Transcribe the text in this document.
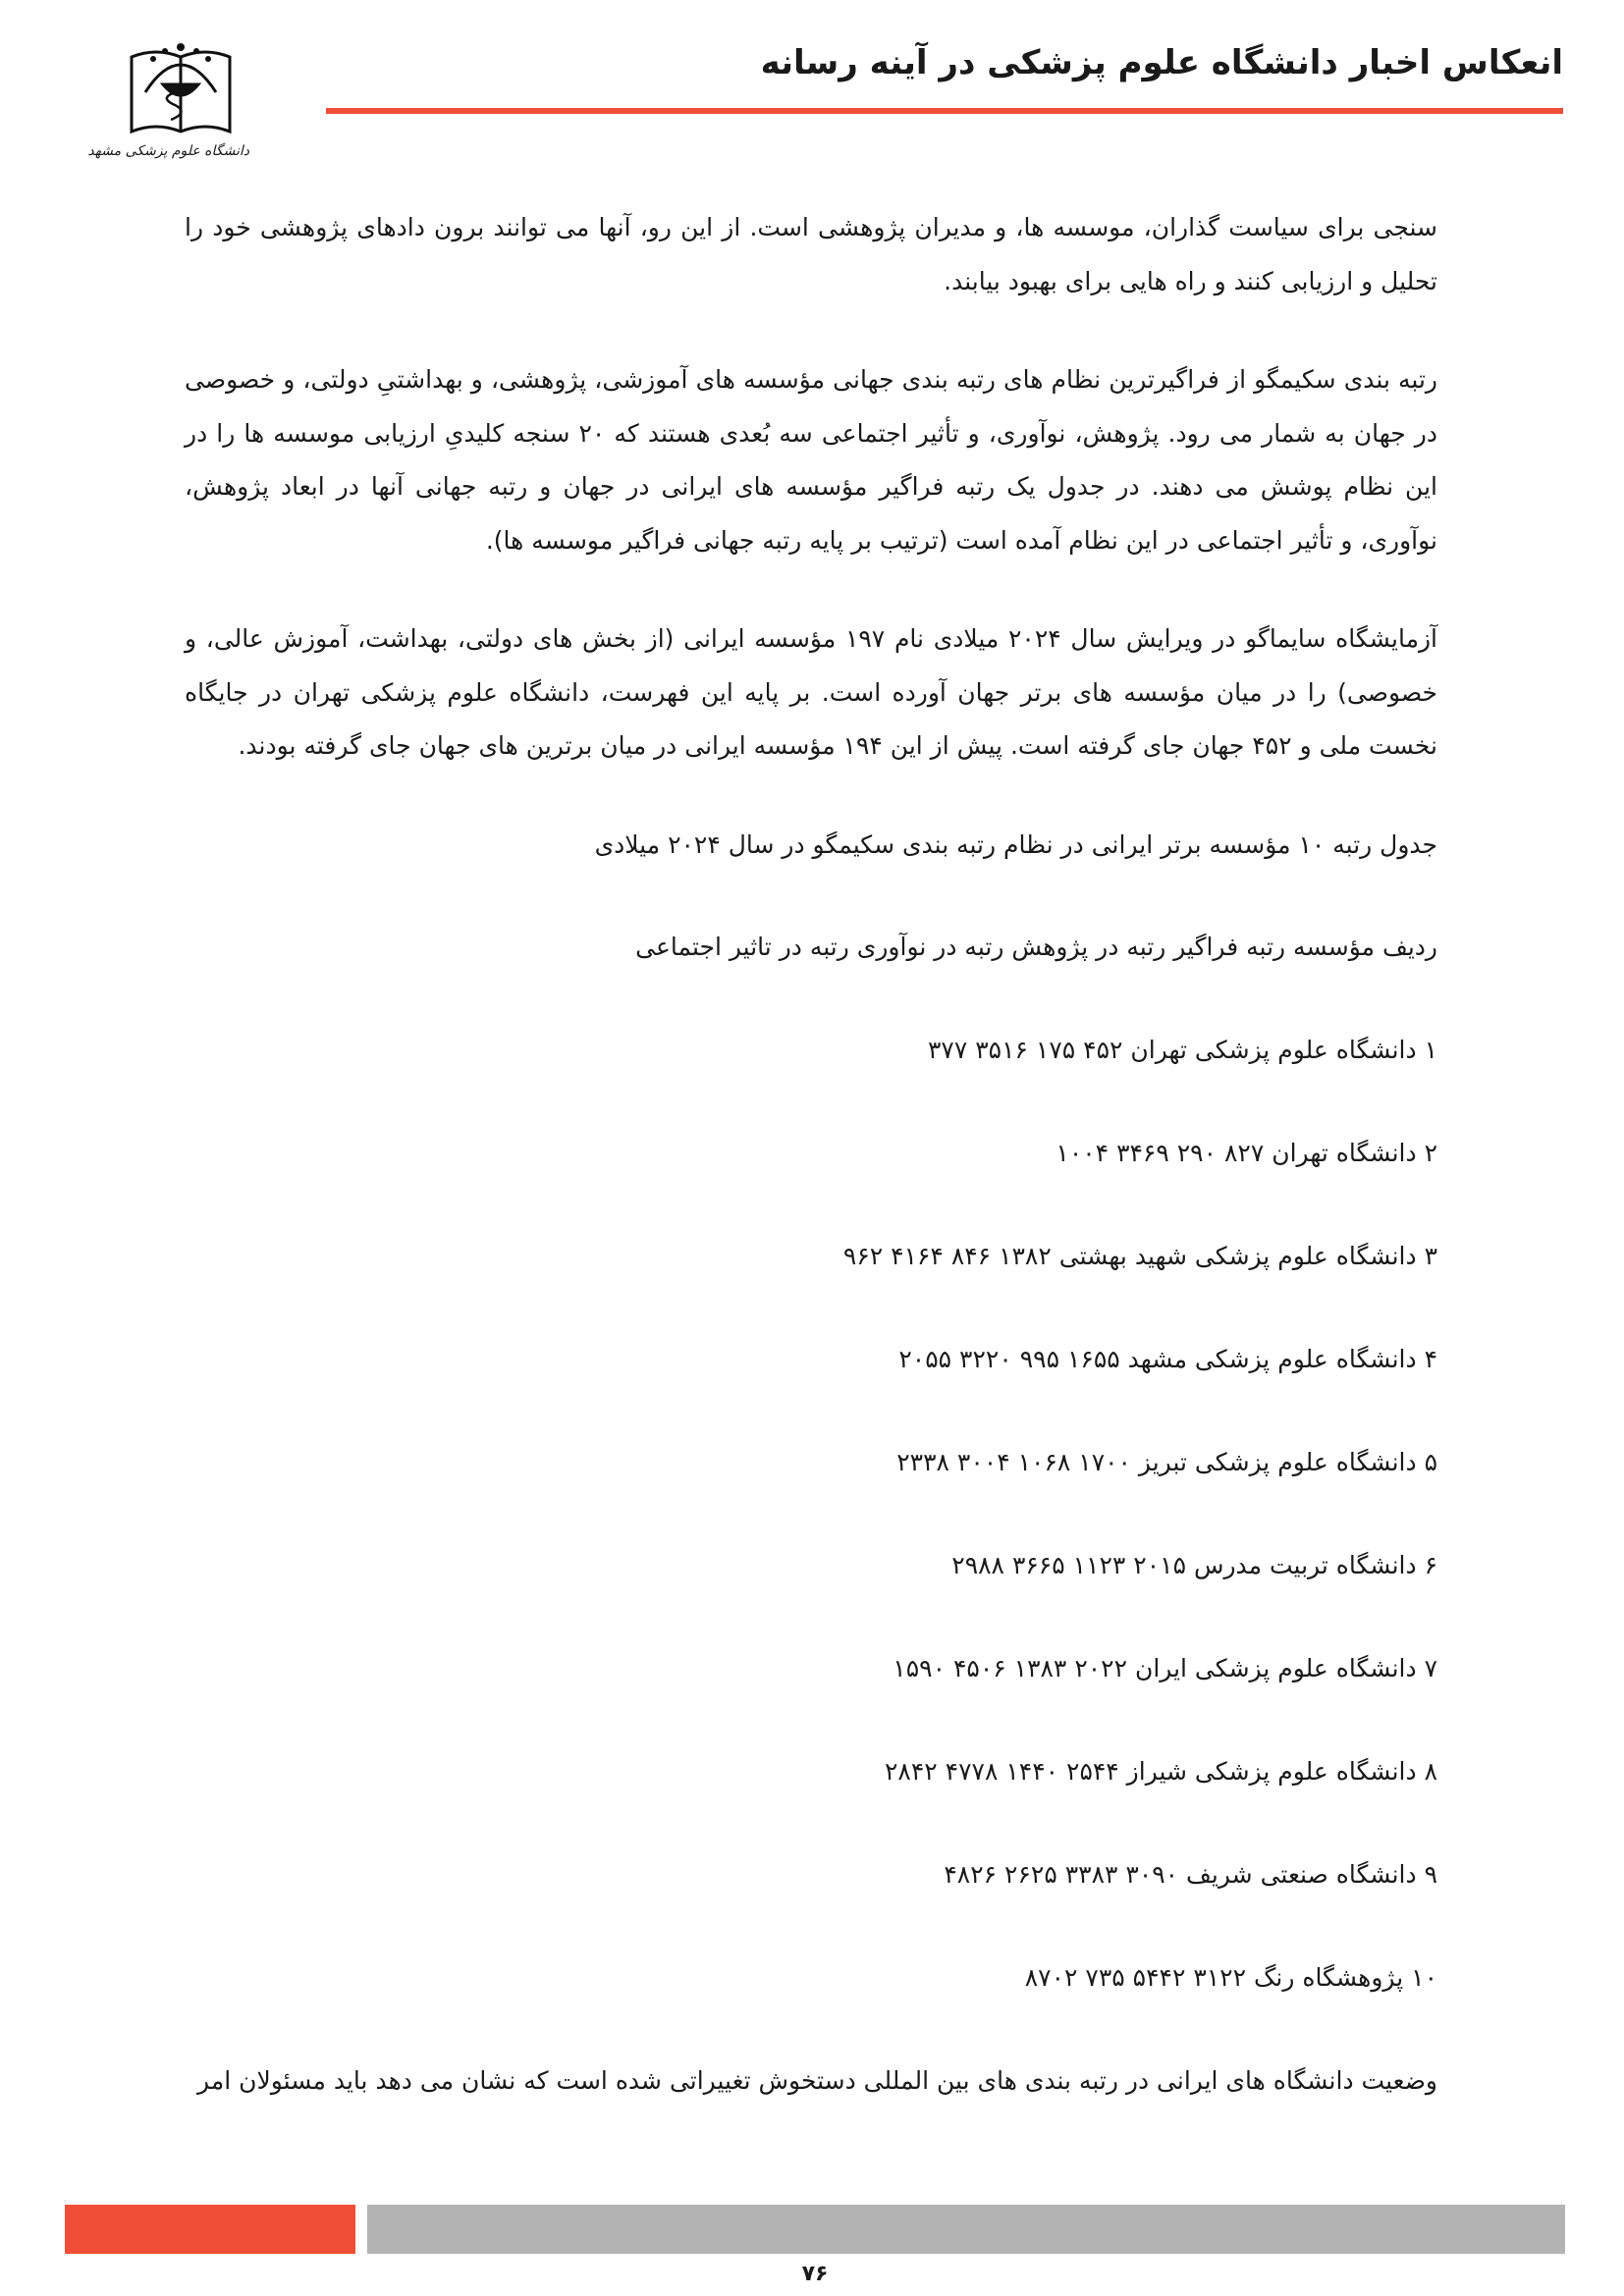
انعکاس اخبار دانشگاه علوم پزشکی در آینه رسانه
دانشگاه علوم پزشکی مشهد

سنجی برای سیاست گذاران، موسسه ها، و مدیران پژوهشی است. از این رو، آنها می توانند برون دادهای پژوهشی خود را تحلیل و ارزیابی کنند و راه هایی برای بهبود بیابند.

رتبه بندی سکیمگو از فراگیرترین نظام های رتبه بندی جهانی مؤسسه های آموزشی، پژوهشی، و بهداشتیِ دولتی، و خصوصی در جهان به شمار می رود. پژوهش، نوآوری، و تأثیر اجتماعی سه بُعدی هستند که ۲۰ سنجه کلیدیِ ارزیابی موسسه ها را در این نظام پوشش می دهند. در جدول یک رتبه فراگیر مؤسسه های ایرانی در جهان و رتبه جهانی آنها در ابعاد پژوهش، نوآوری، و تأثیر اجتماعی در این نظام آمده است (ترتیب بر پایه رتبه جهانی فراگیر موسسه ها).

آزمایشگاه سایماگو در ویرایش سال ۲۰۲۴ میلادی نام ۱۹۷ مؤسسه ایرانی (از بخش های دولتی، بهداشت، آموزش عالی، و خصوصی) را در میان مؤسسه های برتر جهان آورده است. بر پایه این فهرست، دانشگاه علوم پزشکی تهران در جایگاه نخست ملی و ۴۵۲ جهان جای گرفته است. پیش از این ۱۹۴ مؤسسه ایرانی در میان برترین های جهان جای گرفته بودند.

جدول رتبه ۱۰ مؤسسه برتر ایرانی در نظام رتبه بندی سکیمگو در سال ۲۰۲۴ میلادی

ردیف مؤسسه رتبه فراگیر رتبه در پژوهش رتبه در نوآوری رتبه در تاثیر اجتماعی

۱ دانشگاه علوم پزشکی تهران ۴۵۲ ۱۷۵ ۳۵۱۶ ۳۷۷

۲ دانشگاه تهران ۸۲۷ ۲۹۰ ۳۴۶۹ ۱۰۰۴

۳ دانشگاه علوم پزشکی شهید بهشتی ۱۳۸۲ ۸۴۶ ۴۱۶۴ ۹۶۲

۴ دانشگاه علوم پزشکی مشهد ۱۶۵۵ ۹۹۵ ۳۲۲۰ ۲۰۵۵

۵ دانشگاه علوم پزشکی تبریز ۱۷۰۰ ۱۰۶۸ ۳۰۰۴ ۲۳۳۸

۶ دانشگاه تربیت مدرس ۲۰۱۵ ۱۱۲۳ ۳۶۶۵ ۲۹۸۸

۷ دانشگاه علوم پزشکی ایران ۲۰۲۲ ۱۳۸۳ ۴۵۰۶ ۱۵۹۰

۸ دانشگاه علوم پزشکی شیراز ۲۵۴۴ ۱۴۴۰ ۴۷۷۸ ۲۸۴۲

۹ دانشگاه صنعتی شریف ۳۰۹۰ ۳۳۸۳ ۲۶۲۵ ۴۸۲۶

۱۰ پژوهشگاه رنگ ۳۱۲۲ ۵۴۴۲ ۷۳۵ ۸۷۰۲

وضعیت دانشگاه های ایرانی در رتبه بندی های بین المللی دستخوش تغییراتی شده است که نشان می دهد باید مسئولان امر

۷۶
